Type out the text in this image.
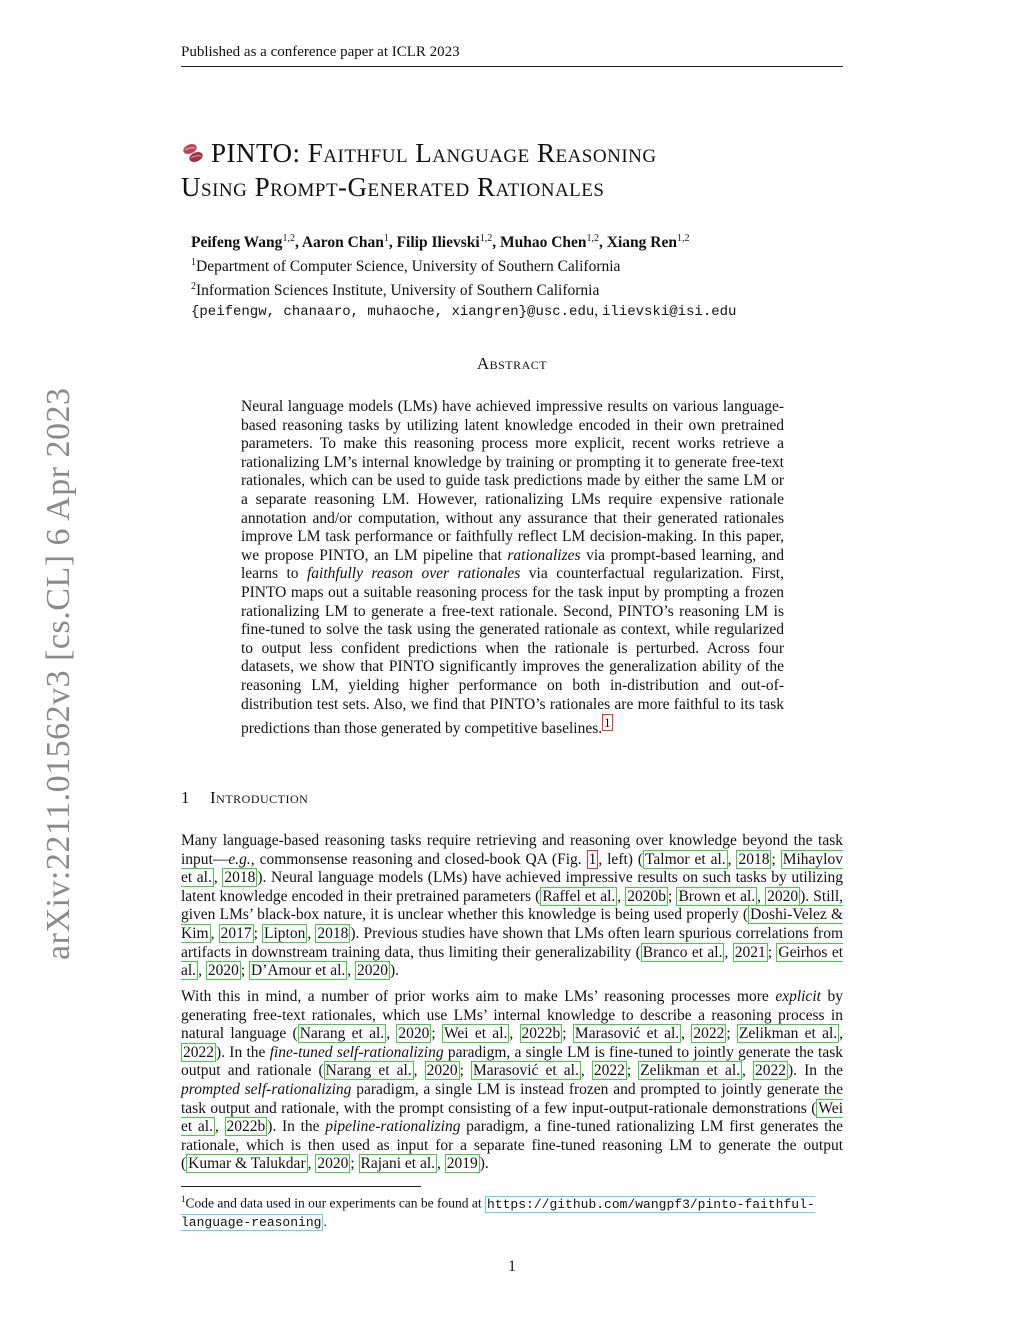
Published as a conference paper at ICLR 2023
arXiv:2211.01562v3 [cs.CL] 6 Apr 2023
PINTO: Faithful Language Reasoning
Using Prompt-Generated Rationales
Peifeng Wang$^{1,2}$, Aaron Chan$^1$, Filip Ilievski$^{1,2}$, Muhao Chen$^{1,2}$, Xiang Ren$^{1,2}$
$^1$Department of Computer Science, University of Southern California
$^2$Information Sciences Institute, University of Southern California
{peifengw, chanaaro, muhaoche, xiangren}@usc.edu, ilievski@isi.edu
Abstract
Neural language models (LMs) have achieved impressive results on various language-based reasoning tasks by utilizing latent knowledge encoded in their own pretrained parameters. To make this reasoning process more explicit, recent works retrieve a rationalizing LM’s internal knowledge by training or prompting it to generate free-text rationales, which can be used to guide task predictions made by either the same LM or a separate reasoning LM. However, rationalizing LMs require expensive rationale annotation and/or computation, without any assurance that their generated rationales improve LM task performance or faithfully reflect LM decision-making. In this paper, we propose PINTO, an LM pipeline that rationalizes via prompt-based learning, and learns to faithfully reason over rationales via counterfactual regularization. First, PINTO maps out a suitable reasoning process for the task input by prompting a frozen rationalizing LM to generate a free-text rationale. Second, PINTO’s reasoning LM is fine-tuned to solve the task using the generated rationale as context, while regularized to output less confident predictions when the rationale is perturbed. Across four datasets, we show that PINTO significantly improves the generalization ability of the reasoning LM, yielding higher performance on both in-distribution and out-of-distribution test sets. Also, we find that PINTO’s rationales are more faithful to its task predictions than those generated by competitive baselines. $^1$
1 Introduction
Many language-based reasoning tasks require retrieving and reasoning over knowledge beyond the task input—e.g., commonsense reasoning and closed-book QA (Fig. 1 , left) ( Talmor et al. , 2018 ; Mihaylov et al. , 2018 ). Neural language models (LMs) have achieved impressive results on such tasks by utilizing latent knowledge encoded in their pretrained parameters ( Raffel et al. , 2020b ; Brown et al. , 2020 ). Still, given LMs’ black-box nature, it is unclear whether this knowledge is being used properly ( Doshi-Velez & Kim , 2017 ; Lipton , 2018 ). Previous studies have shown that LMs often learn spurious correlations from artifacts in downstream training data, thus limiting their generalizability ( Branco et al. , 2021 ; Geirhos et al. , 2020 ; D’Amour et al. , 2020 ).
With this in mind, a number of prior works aim to make LMs’ reasoning processes more explicit by generating free-text rationales, which use LMs’ internal knowledge to describe a reasoning process in natural language ( Narang et al. , 2020 ; Wei et al. , 2022b ; Marasović et al. , 2022 ; Zelikman et al. , 2022 ). In the fine-tuned self-rationalizing paradigm, a single LM is fine-tuned to jointly generate the task output and rationale ( Narang et al. , 2020 ; Marasović et al. , 2022 ; Zelikman et al. , 2022 ). In the prompted self-rationalizing paradigm, a single LM is instead frozen and prompted to jointly generate the task output and rationale, with the prompt consisting of a few input-output-rationale demonstrations ( Wei et al. , 2022b ). In the pipeline-rationalizing paradigm, a fine-tuned rationalizing LM first generates the rationale, which is then used as input for a separate fine-tuned reasoning LM to generate the output ( Kumar & Talukdar , 2020 ; Rajani et al. , 2019 ).
$^1$Code and data used in our experiments can be found at https://github.com/wangpf3/pinto-faithful-language-reasoning .
1
